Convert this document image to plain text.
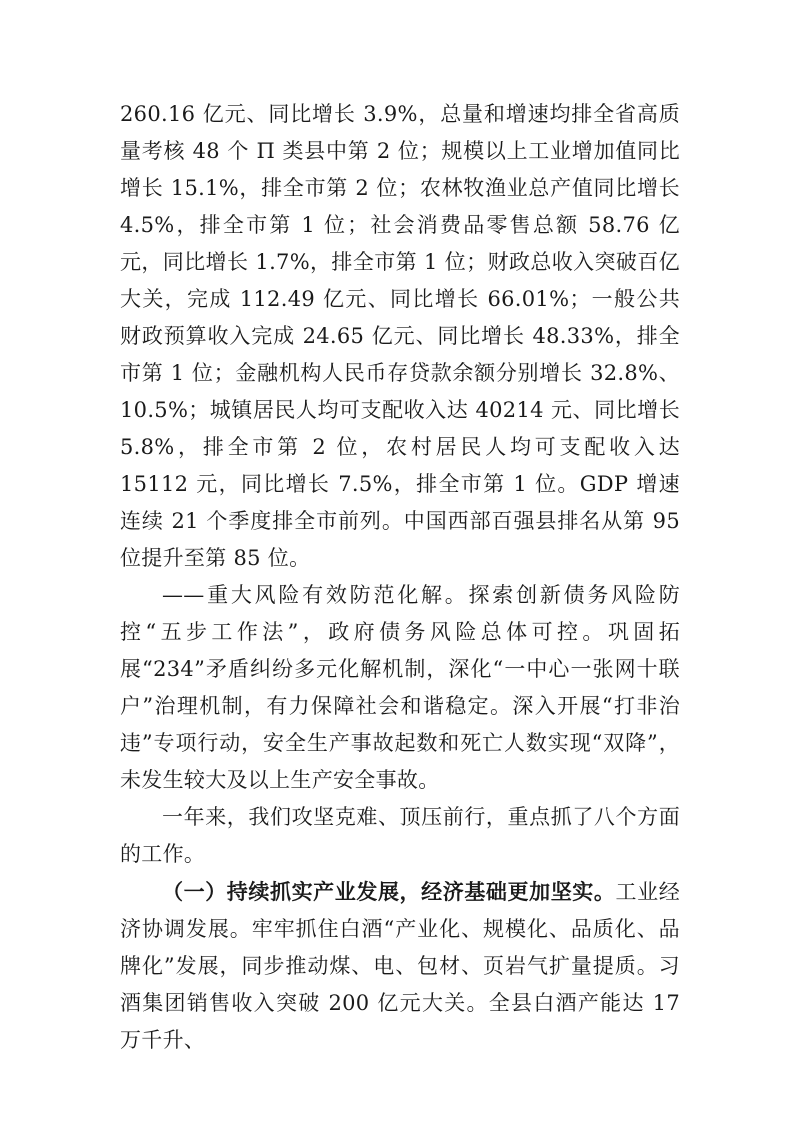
260.16 亿元、同比增长 3.9%，总量和增速均排全省高质量考核 48 个 Π 类县中第 2 位；规模以上工业增加值同比增长 15.1%，排全市第 2 位；农林牧渔业总产值同比增长 4.5%，排全市第 1 位；社会消费品零售总额 58.76 亿元，同比增长 1.7%，排全市第 1 位；财政总收入突破百亿大关，完成 112.49 亿元、同比增长 66.01%；一般公共财政预算收入完成 24.65 亿元、同比增长 48.33%，排全市第 1 位；金融机构人民币存贷款余额分别增长 32.8%、10.5%；城镇居民人均可支配收入达 40214 元、同比增长 5.8%，排全市第 2 位，农村居民人均可支配收入达 15112 元，同比增长 7.5%，排全市第 1 位。GDP 增速连续 21 个季度排全市前列。中国西部百强县排名从第 95 位提升至第 85 位。

——重大风险有效防范化解。探索创新债务风险防控“五步工作法”，政府债务风险总体可控。巩固拓展“234”矛盾纠纷多元化解机制，深化“一中心一张网十联户”治理机制，有力保障社会和谐稳定。深入开展“打非治违”专项行动，安全生产事故起数和死亡人数实现“双降”，未发生较大及以上生产安全事故。

一年来，我们攻坚克难、顶压前行，重点抓了八个方面的工作。

（一）持续抓实产业发展，经济基础更加坚实。工业经济协调发展。牢牢抓住白酒“产业化、规模化、品质化、品牌化”发展，同步推动煤、电、包材、页岩气扩量提质。习酒集团销售收入突破 200 亿元大关。全县白酒产能达 17 万千升、
